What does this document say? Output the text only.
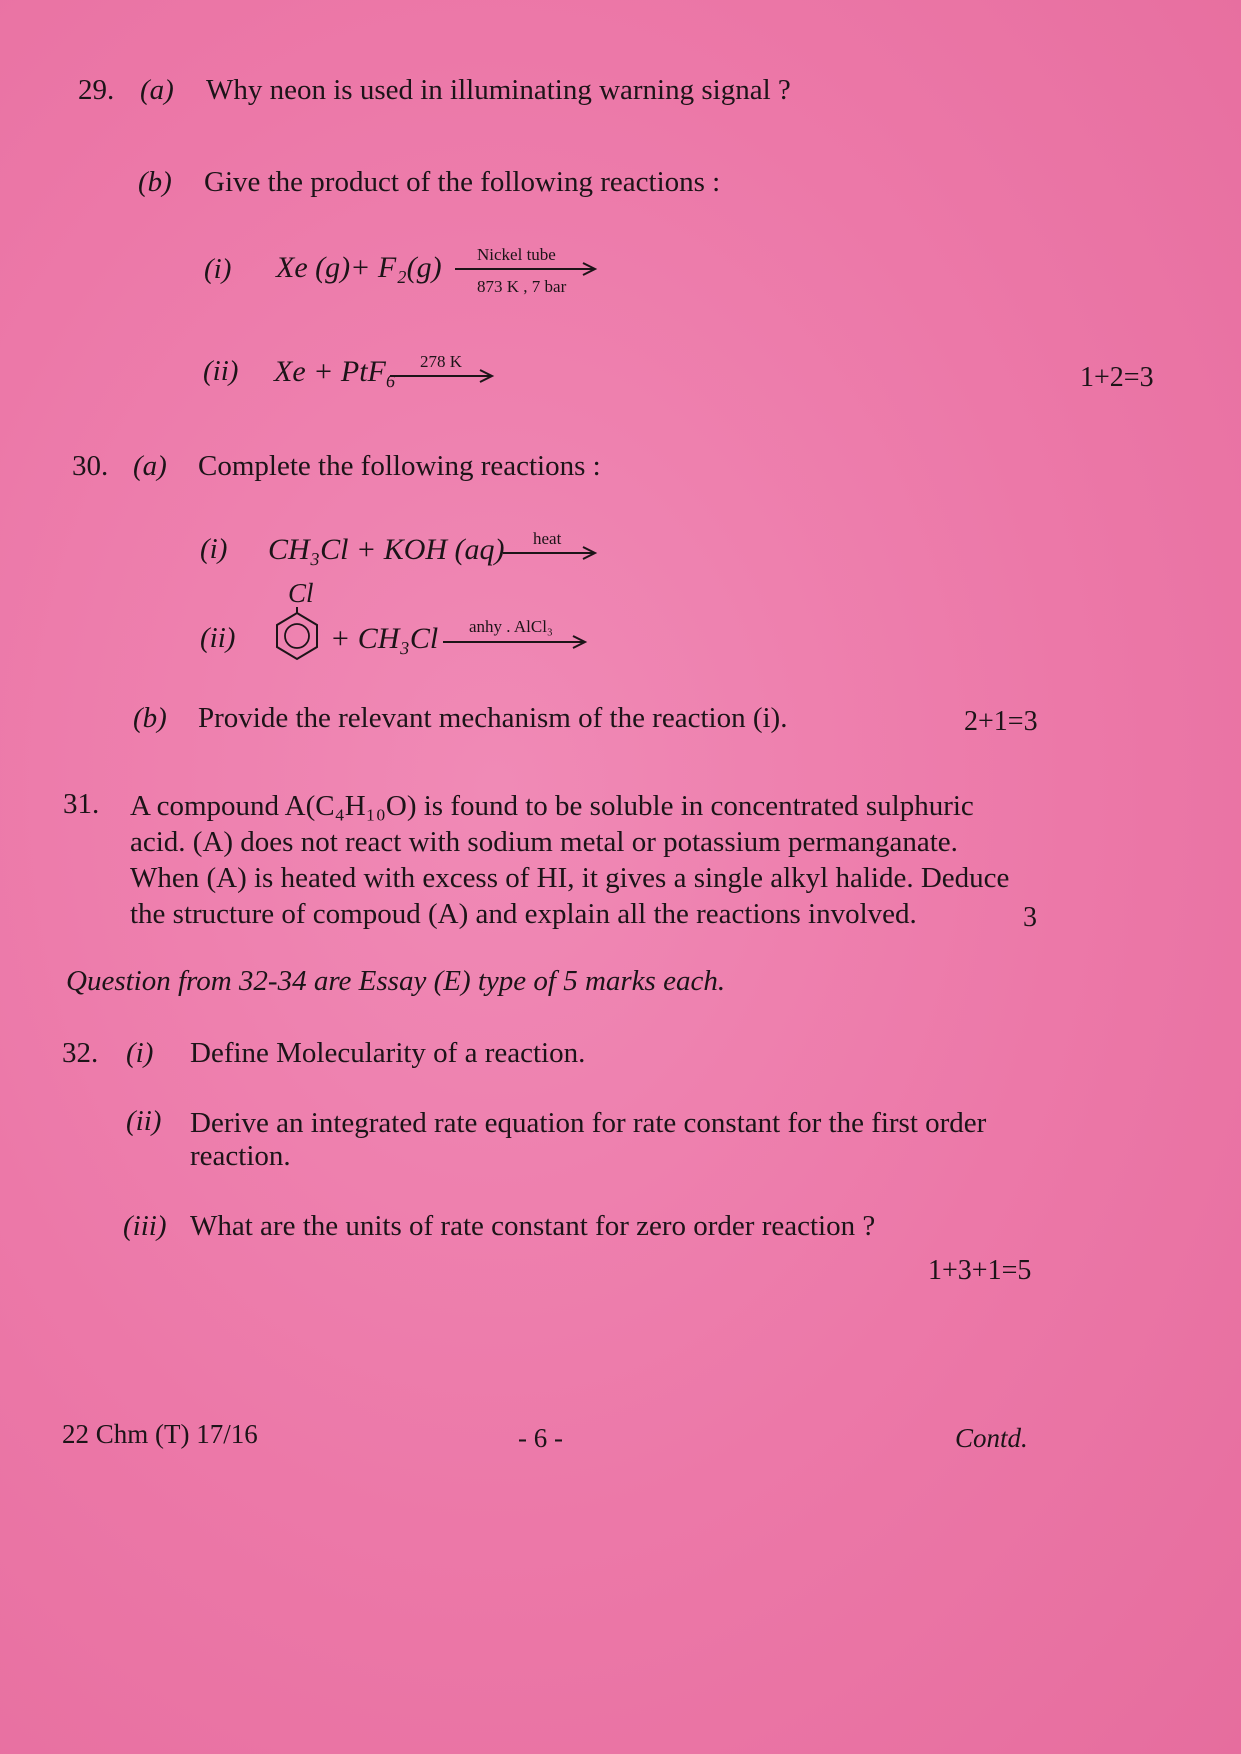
29. (a) Why neon is used in illuminating warning signal ?
(b) Give the product of the following reactions :
(i) Xe (g)+ F₂(g) Nickel tube
873 K , 7 bar
(ii) Xe + PtF₆ 278 K
1+2=3
30. (a) Complete the following reactions :
(i) CH₃Cl + KOH (aq) heat
(ii)
Cl
+ CH₃Cl anhy . AlCl₃
(b) Provide the relevant mechanism of the reaction (i).	2+1=3
31. A compound A(C₄H₁₀O) is found to be soluble in concentrated sulphuric
acid. (A) does not react with sodium metal or potassium permanganate.
When (A) is heated with excess of HI, it gives a single alkyl halide. Deduce
the structure of compoud (A) and explain all the reactions involved.	3
Question from 32-34 are Essay (E) type of 5 marks each.
32. (i) Define Molecularity of a reaction.
(ii) Derive an integrated rate equation for rate constant for the first order
reaction.
(iii) What are the units of rate constant for zero order reaction ?
1+3+1=5
22 Chm (T) 17/16	- 6 -	Contd.
